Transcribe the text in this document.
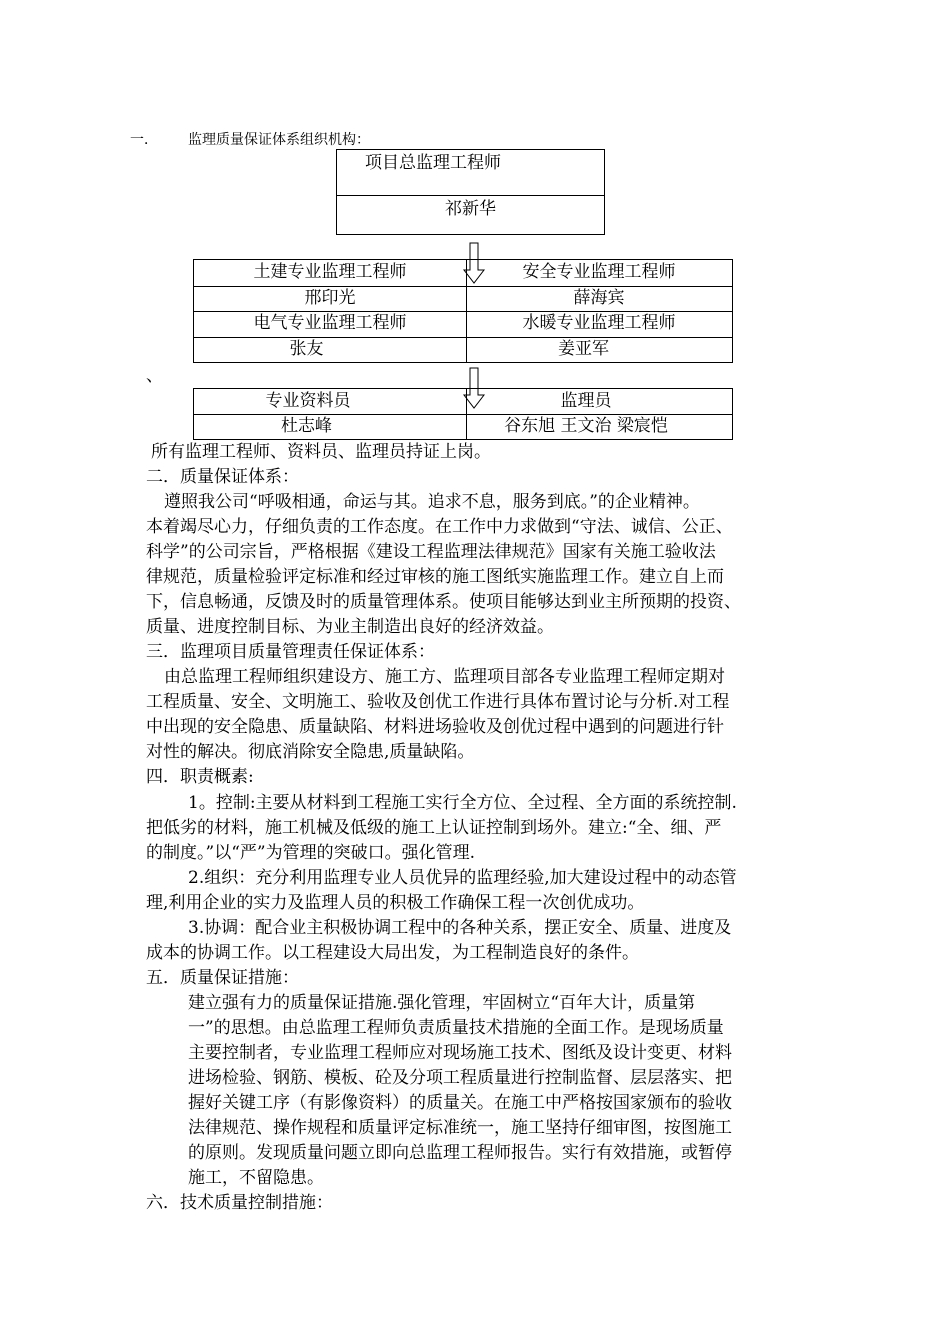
一． 监理质量保证体系组织机构：
项目总监理工程师
祁新华
土建专业监理工程师	安全专业监理工程师
邢印光	薛海宾
电气专业监理工程师	水暖专业监理工程师
张友	姜亚军
、
专业资料员	监理员
杜志峰	谷东旭 王文治 梁宸恺
所有监理工程师、资料员、监理员持证上岗。
二．质量保证体系：
遵照我公司“呼吸相通，命运与其。追求不息，服务到底。”的企业精神。
本着竭尽心力，仔细负责的工作态度。在工作中力求做到“守法、诚信、公正、
科学”的公司宗旨，严格根据《建设工程监理法律规范》国家有关施工验收法
律规范，质量检验评定标准和经过审核的施工图纸实施监理工作。建立自上而
下，信息畅通，反馈及时的质量管理体系。使项目能够达到业主所预期的投资、
质量、进度控制目标、为业主制造出良好的经济效益。
三．监理项目质量管理责任保证体系：
由总监理工程师组织建设方、施工方、监理项目部各专业监理工程师定期对
工程质量、安全、文明施工、验收及创优工作进行具体布置讨论与分析.对工程
中出现的安全隐患、质量缺陷、材料进场验收及创优过程中遇到的问题进行针
对性的解决。彻底消除安全隐患,质量缺陷。
四．职责概素:
1。控制:主要从材料到工程施工实行全方位、全过程、全方面的系统控制.
把低劣的材料，施工机械及低级的施工上认证控制到场外。建立:“全、细、严
的制度。”以“严”为管理的突破口。强化管理.
2.组织：充分利用监理专业人员优异的监理经验,加大建设过程中的动态管
理,利用企业的实力及监理人员的积极工作确保工程一次创优成功。
3.协调：配合业主积极协调工程中的各种关系，摆正安全、质量、进度及
成本的协调工作。以工程建设大局出发，为工程制造良好的条件。
五．质量保证措施：
建立强有力的质量保证措施.强化管理，牢固树立“百年大计，质量第
一”的思想。由总监理工程师负责质量技术措施的全面工作。是现场质量
主要控制者，专业监理工程师应对现场施工技术、图纸及设计变更、材料
进场检验、钢筋、模板、砼及分项工程质量进行控制监督、层层落实、把
握好关键工序（有影像资料）的质量关。在施工中严格按国家颁布的验收
法律规范、操作规程和质量评定标准统一，施工坚持仔细审图，按图施工
的原则。发现质量问题立即向总监理工程师报告。实行有效措施，或暂停
施工，不留隐患。
六．技术质量控制措施：
